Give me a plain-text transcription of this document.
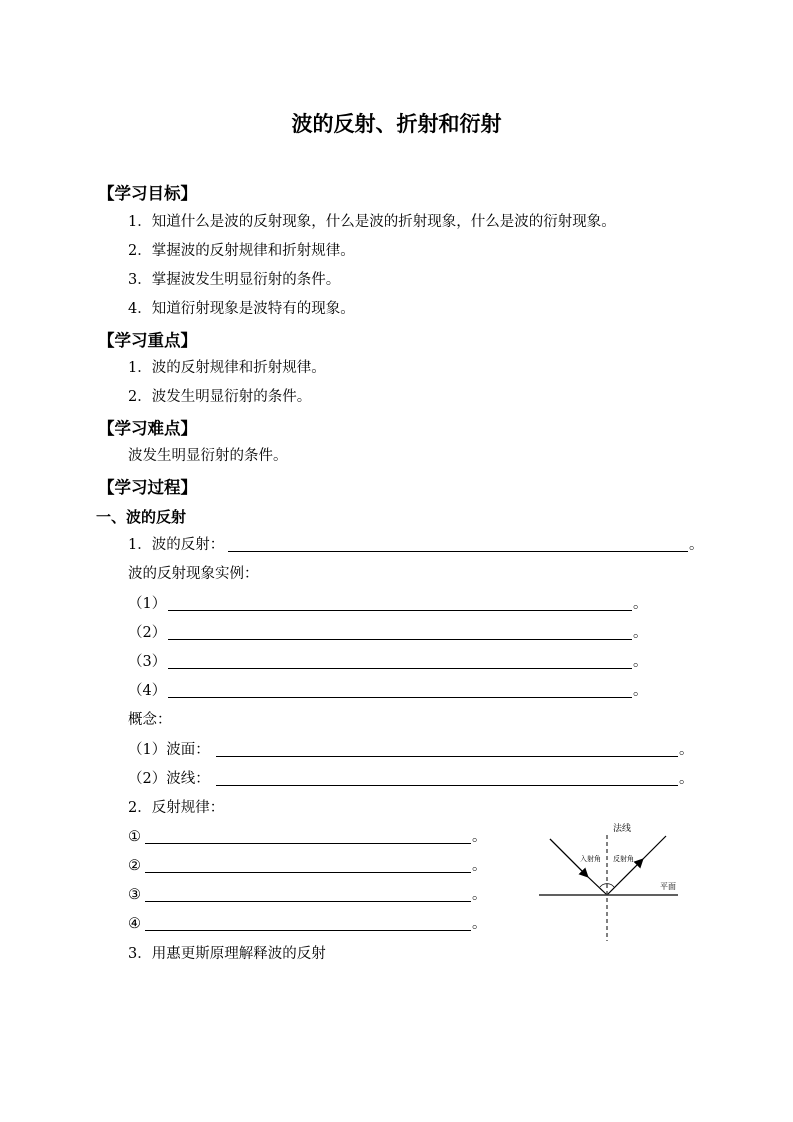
波的反射、折射和衍射
【学习目标】
1．知道什么是波的反射现象，什么是波的折射现象，什么是波的衍射现象。
2．掌握波的反射规律和折射规律。
3．掌握波发生明显衍射的条件。
4．知道衍射现象是波特有的现象。
【学习重点】
1．波的反射规律和折射规律。
2．波发生明显衍射的条件。
【学习难点】
波发生明显衍射的条件。
【学习过程】
一、波的反射
1．波的反射：	。
波的反射现象实例：
（1）	。
（2）	。
（3）	。
（4）	。
概念：
（1）波面：	。
（2）波线：	。
2．反射规律：
①	。
②	。
③	。
④	。
3．用惠更斯原理解释波的反射
法线
入射角 反射角
平面
